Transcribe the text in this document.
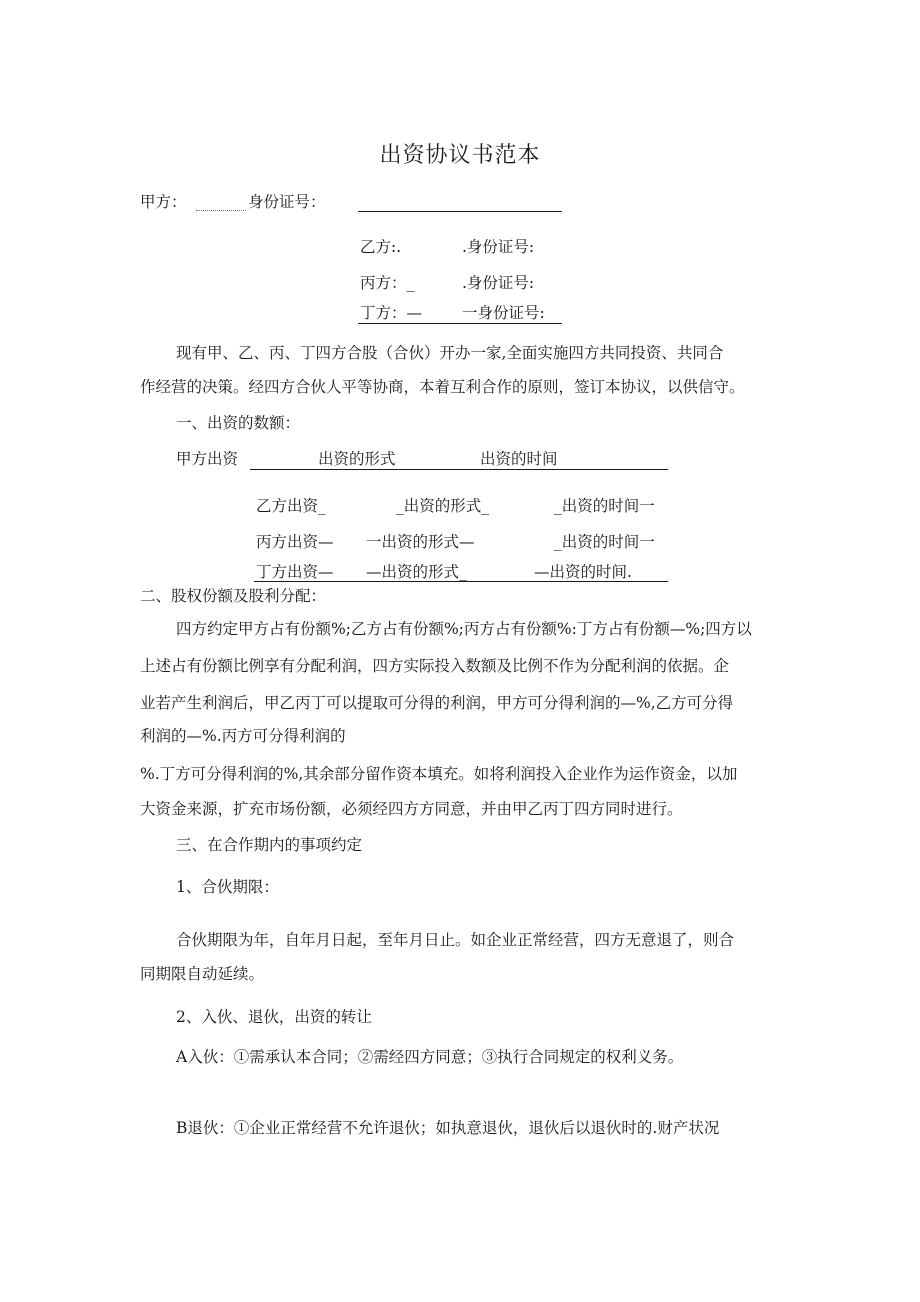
出资协议书范本
甲方：	身份证号：
乙方:.	.身份证号:
丙方：_	.身份证号:
丁方：—	一身份证号:
现有甲、乙、丙、丁四方合股（合伙）开办一家,全面实施四方共同投资、共同合
作经营的决策。经四方合伙人平等协商，本着互利合作的原则，签订本协议，以供信守。
一、出资的数额：
甲方出资	出资的形式	出资的时间
乙方出资_	_出资的形式_	_出资的时间一
丙方出资— 一出资的形式—	_出资的时间一
丁方出资— —出资的形式_	—出资的时间.
二、股权份额及股利分配：
四方约定甲方占有份额%;乙方占有份额%;丙方占有份额%:丁方占有份额—%;四方以
上述占有份额比例享有分配利润，四方实际投入数额及比例不作为分配利润的依据。企
业若产生利润后，甲乙丙丁可以提取可分得的利润，甲方可分得利润的—%,乙方可分得
利润的—%.丙方可分得利润的
%.丁方可分得利润的%,其余部分留作资本填充。如将利润投入企业作为运作资金，以加
大资金来源，扩充市场份额，必须经四方方同意，并由甲乙丙丁四方同时进行。
三、在合作期内的事项约定
1、合伙期限：
合伙期限为年，自年月日起，至年月日止。如企业正常经营，四方无意退了，则合
同期限自动延续。
2、入伙、退伙，出资的转让
A入伙：①需承认本合同；②需经四方同意；③执行合同规定的权利义务。
B退伙：①企业正常经营不允许退伙；如执意退伙，退伙后以退伙时的.财产状况
